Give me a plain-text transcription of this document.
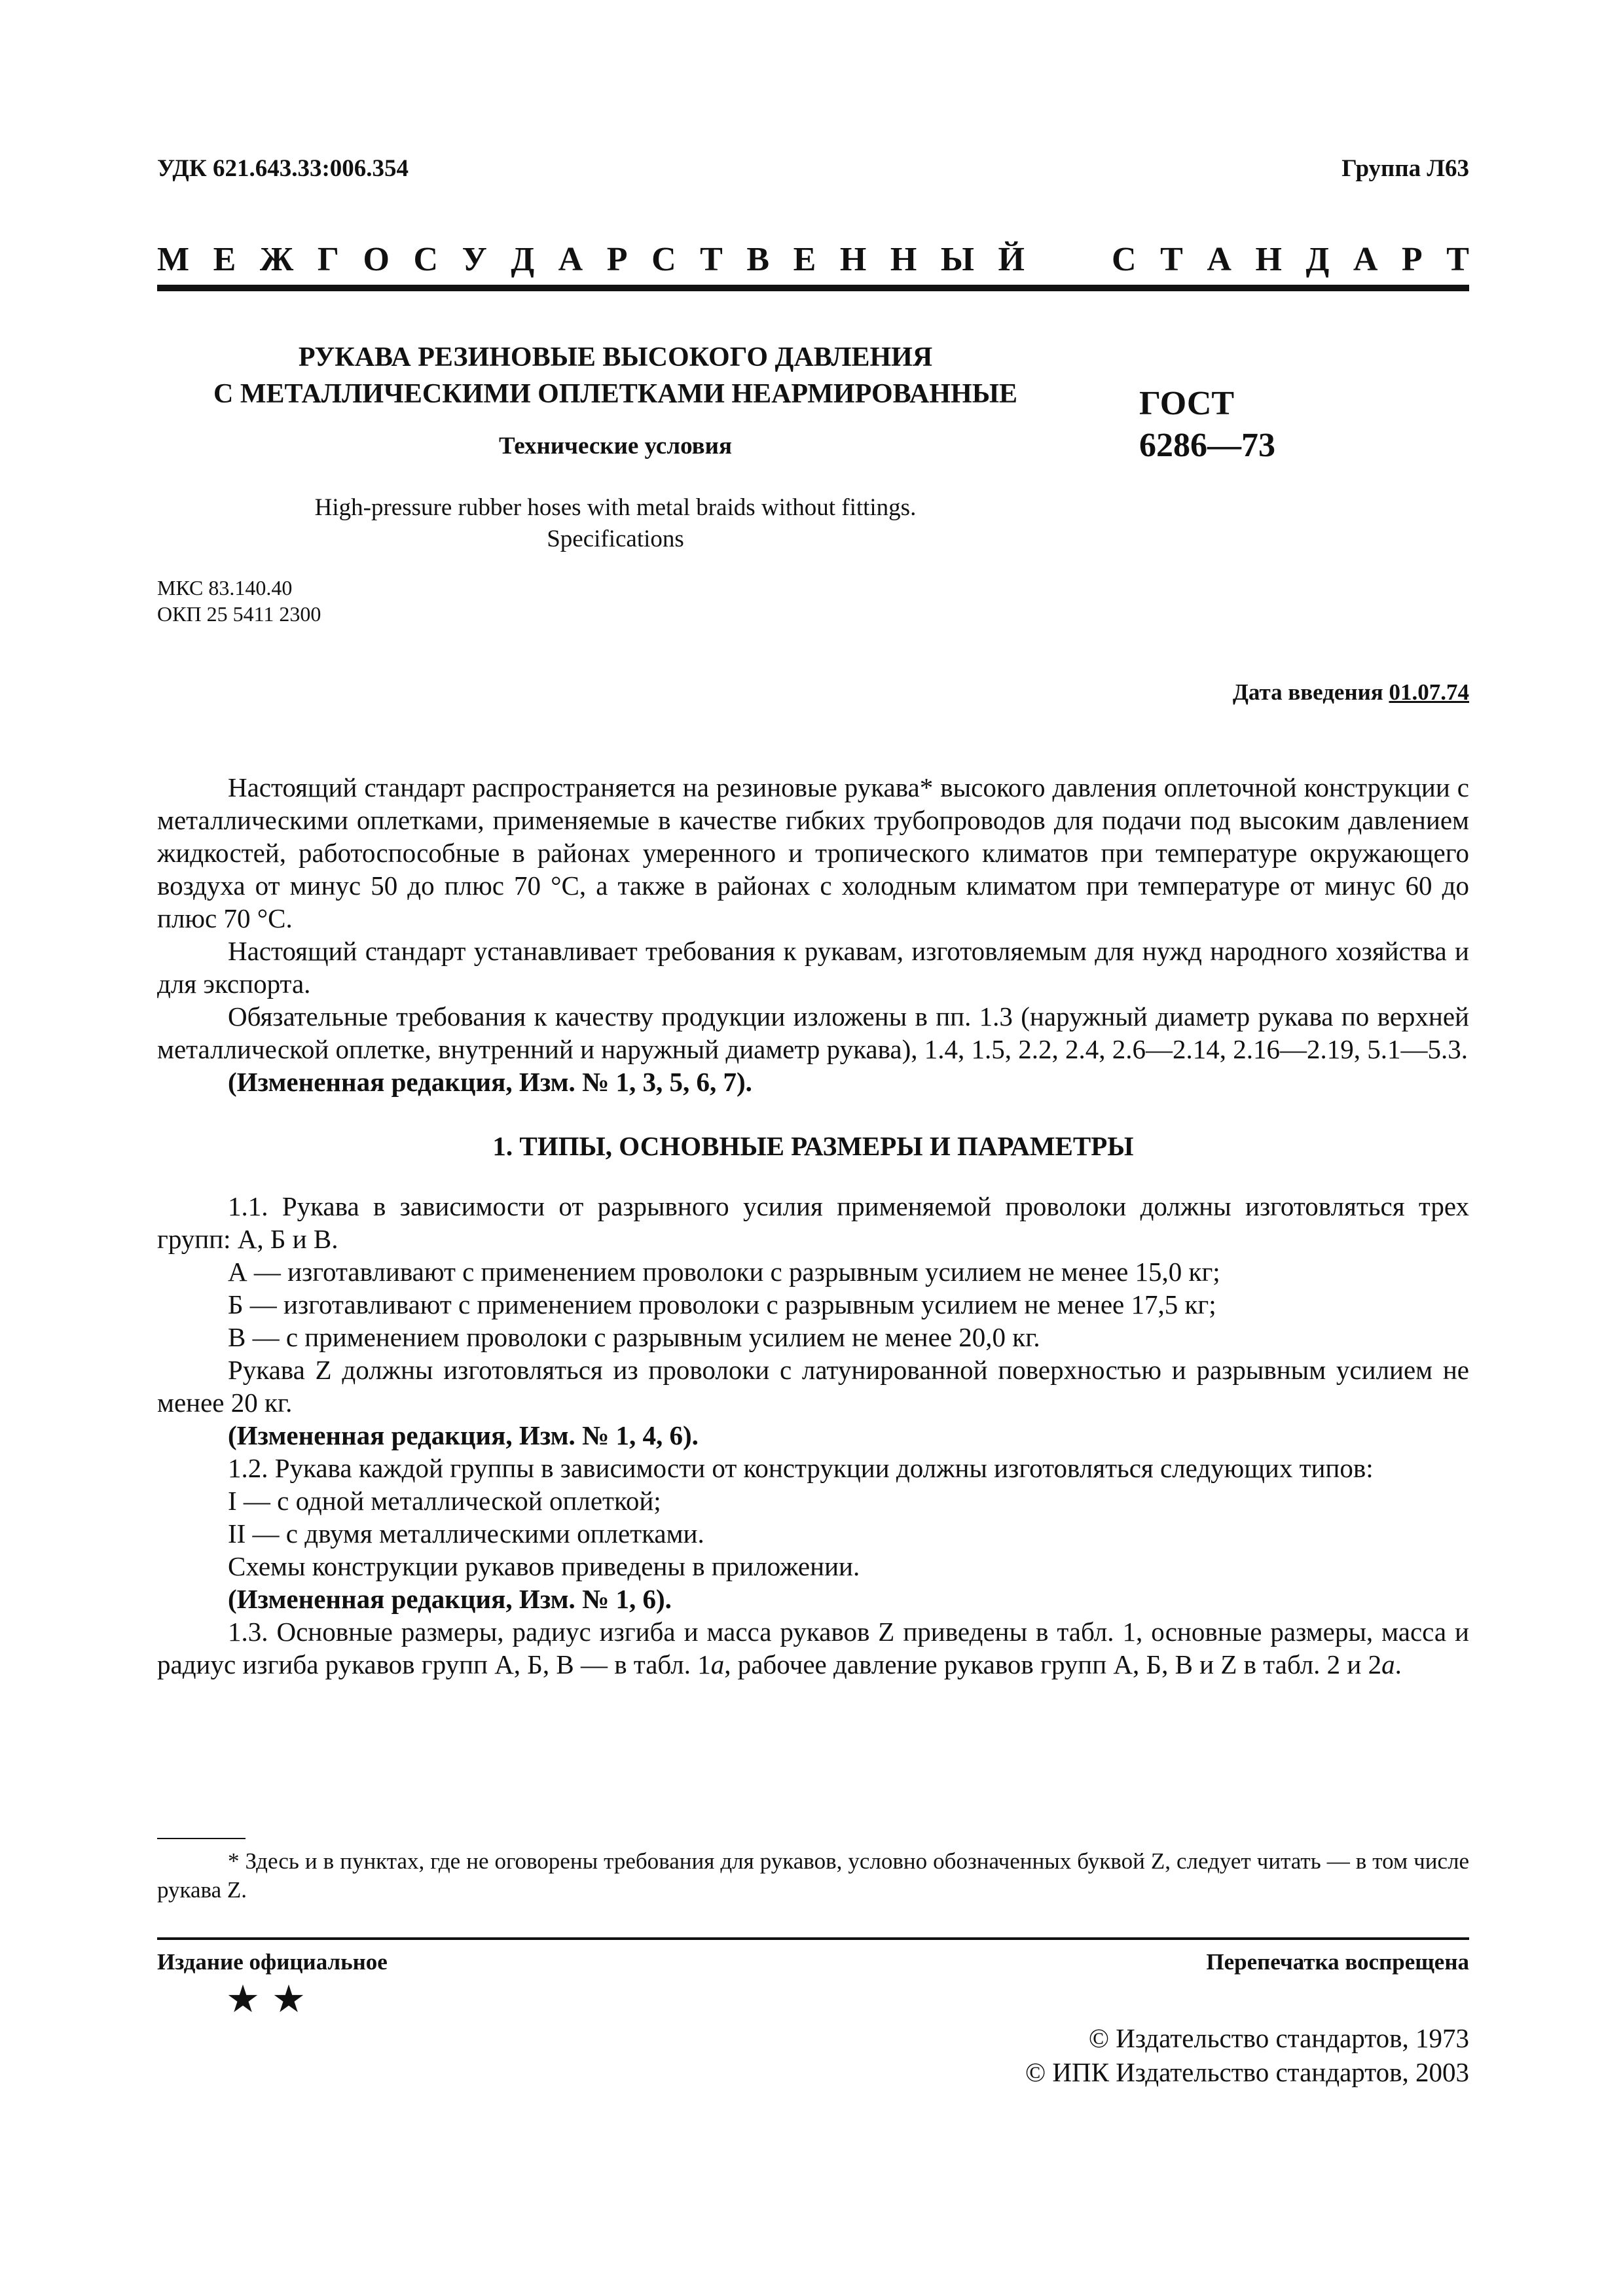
УДК 621.643.33:006.354	Группа Л63
М Е Ж Г О С У Д А Р С Т В Е Н Н Ы Й	С Т А Н Д А Р Т
РУКАВА РЕЗИНОВЫЕ ВЫСОКОГО ДАВЛЕНИЯ
С МЕТАЛЛИЧЕСКИМИ ОПЛЕТКАМИ НЕАРМИРОВАННЫЕ
Технические условия
ГОСТ
6286—73
High-pressure rubber hoses with metal braids without fittings.
Specifications
МКС 83.140.40
ОКП 25 5411 2300
Дата введения 01.07.74

Настоящий стандарт распространяется на резиновые рукава* высокого давления оплеточной конструкции с металлическими оплетками, применяемые в качестве гибких трубопроводов для подачи под высоким давлением жидкостей, работоспособные в районах умеренного и тропического климатов при температуре окружающего воздуха от минус 50 до плюс 70 °С, а также в районах с холодным климатом при температуре от минус 60 до плюс 70 °С.

Настоящий стандарт устанавливает требования к рукавам, изготовляемым для нужд народного хозяйства и для экспорта.

Обязательные требования к качеству продукции изложены в пп. 1.3 (наружный диаметр рукава по верхней металлической оплетке, внутренний и наружный диаметр рукава), 1.4, 1.5, 2.2, 2.4, 2.6—2.14, 2.16—2.19, 5.1—5.3.

(Измененная редакция, Изм. № 1, 3, 5, 6, 7).

1. ТИПЫ, ОСНОВНЫЕ РАЗМЕРЫ И ПАРАМЕТРЫ

1.1. Рукава в зависимости от разрывного усилия применяемой проволоки должны изготовляться трех групп: А, Б и В.

А — изготавливают с применением проволоки с разрывным усилием не менее 15,0 кг;

Б — изготавливают с применением проволоки с разрывным усилием не менее 17,5 кг;

В — с применением проволоки с разрывным усилием не менее 20,0 кг.

Рукава Z должны изготовляться из проволоки с латунированной поверхностью и разрывным усилием не менее 20 кг.

(Измененная редакция, Изм. № 1, 4, 6).

1.2. Рукава каждой группы в зависимости от конструкции должны изготовляться следующих типов:

I — с одной металлической оплеткой;

II — с двумя металлическими оплетками.

Схемы конструкции рукавов приведены в приложении.

(Измененная редакция, Изм. № 1, 6).

1.3. Основные размеры, радиус изгиба и масса рукавов Z приведены в табл. 1, основные размеры, масса и радиус изгиба рукавов групп А, Б, В — в табл. 1а, рабочее давление рукавов групп А, Б, В и Z в табл. 2 и 2а.

* Здесь и в пунктах, где не оговорены требования для рукавов, условно обозначенных буквой Z, следует читать — в том числе рукава Z.

Издание официальное	Перепечатка воспрещена
★★
© Издательство стандартов, 1973
© ИПК Издательство стандартов, 2003
